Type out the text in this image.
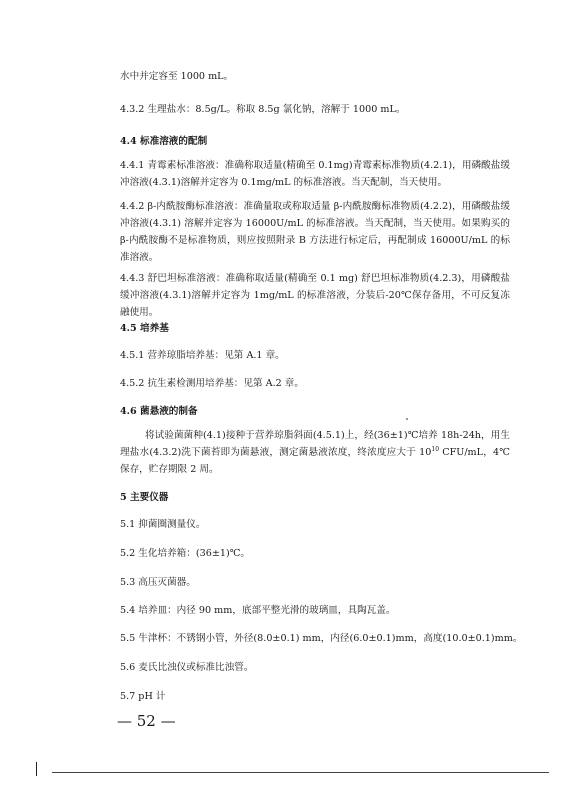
水中并定容至 1000 mL。

4.3.2 生理盐水：8.5g/L。称取 8.5g 氯化钠，溶解于 1000 mL。

4.4 标准溶液的配制

4.4.1 青霉素标准溶液：准确称取适量(精确至 0.1mg)青霉素标准物质(4.2.1)，用磷酸盐缓冲溶液(4.3.1)溶解并定容为 0.1mg/mL 的标准溶液。当天配制，当天使用。

4.4.2 β-内酰胺酶标准溶液：准确量取或称取适量 β-内酰胺酶标准物质(4.2.2)，用磷酸盐缓冲溶液(4.3.1) 溶解并定容为 16000U/mL 的标准溶液。当天配制，当天使用。如果购买的β-内酰胺酶不是标准物质，则应按照附录 B 方法进行标定后，再配制成 16000U/mL 的标准溶液。

4.4.3 舒巴坦标准溶液：准确称取适量(精确至 0.1 mg) 舒巴坦标准物质(4.2.3)，用磷酸盐缓冲溶液(4.3.1)溶解并定容为 1mg/mL 的标准溶液，分装后-20℃保存备用，不可反复冻融使用。

4.5 培养基

4.5.1 营养琼脂培养基：见第 A.1 章。

4.5.2 抗生素检测用培养基：见第 A.2 章。

4.6 菌悬液的制备

将试验菌菌种(4.1)接种于营养琼脂斜面(4.5.1)上，经(36±1)℃培养 18h-24h，用生理盐水(4.3.2)洗下菌苔即为菌悬液，测定菌悬液浓度，终浓度应大于 $10^{10}$ CFU/mL，4℃保存，贮存期限 2 周。

5 主要仪器

5.1 抑菌圈测量仪。

5.2 生化培养箱：(36±1)℃。

5.3 高压灭菌器。

5.4 培养皿：内径 90 mm，底部平整光滑的玻璃皿，具陶瓦盖。

5.5 牛津杯：不锈钢小管，外径(8.0±0.1) mm，内径(6.0±0.1)mm，高度(10.0±0.1)mm。

5.6 麦氏比浊仪或标准比浊管。

5.7 pH 计

— 52 —
